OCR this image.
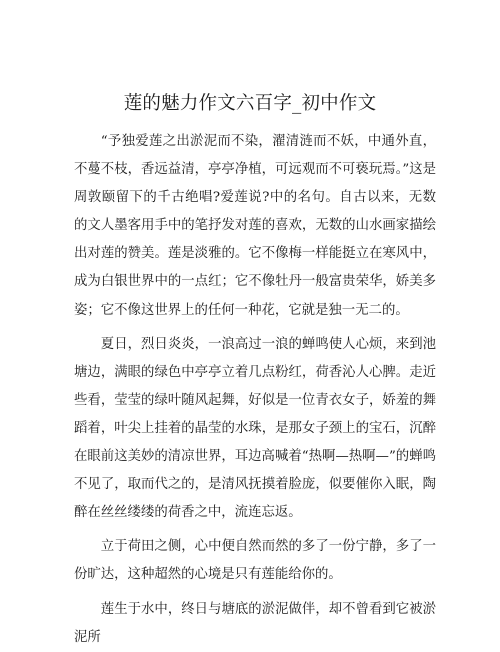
莲的魅力作文六百字_初中作文

“予独爱莲之出淤泥而不染，濯清涟而不妖，中通外直，不蔓不枝，香远益清，亭亭净植，可远观而不可亵玩焉。”这是周敦颐留下的千古绝唱?爱莲说?中的名句。自古以来，无数的文人墨客用手中的笔抒发对莲的喜欢，无数的山水画家描绘出对莲的赞美。莲是淡雅的。它不像梅一样能挺立在寒风中，成为白银世界中的一点红；它不像牡丹一般富贵荣华，娇美多姿；它不像这世界上的任何一种花，它就是独一无二的。

夏日，烈日炎炎，一浪高过一浪的蝉鸣使人心烦，来到池塘边，满眼的绿色中亭亭立着几点粉红，荷香沁人心脾。走近些看，莹莹的绿叶随风起舞，好似是一位青衣女子，娇羞的舞蹈着，叶尖上挂着的晶莹的水珠，是那女子颈上的宝石，沉醉在眼前这美妙的清凉世界，耳边高喊着“热啊—热啊—”的蝉鸣不见了，取而代之的，是清风抚摸着脸庞，似要催你入眠，陶醉在丝丝缕缕的荷香之中，流连忘返。

立于荷田之侧，心中便自然而然的多了一份宁静，多了一份旷达，这种超然的心境是只有莲能给你的。

莲生于水中，终日与塘底的淤泥做伴，却不曾看到它被淤泥所
